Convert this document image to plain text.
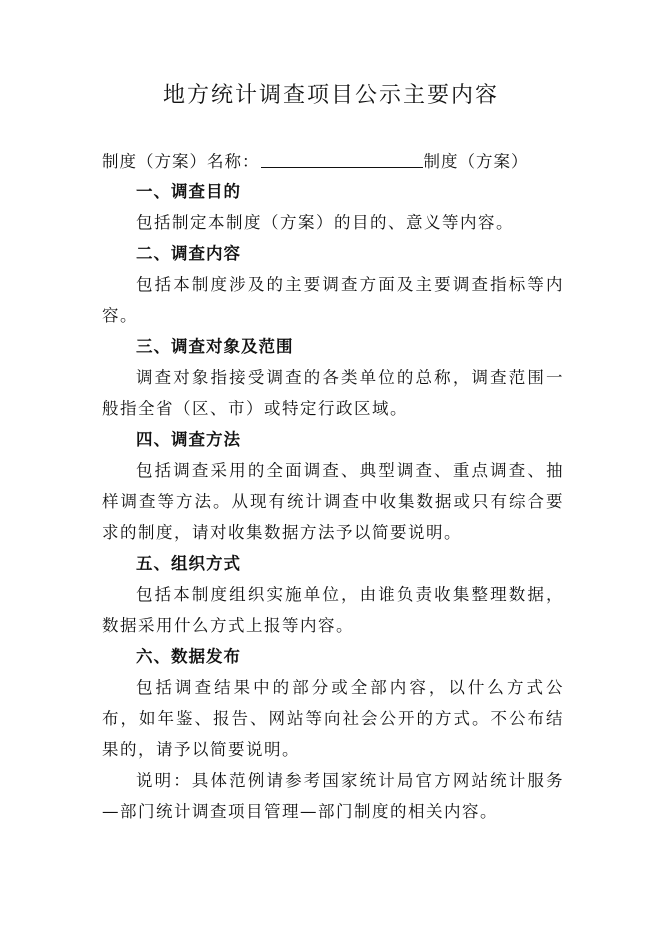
地方统计调查项目公示主要内容
制度（方案）名称：	制度（方案）

一、调查目的

包括制定本制度（方案）的目的、意义等内容。

二、调查内容

包括本制度涉及的主要调查方面及主要调查指标等内容。

三、调查对象及范围

调查对象指接受调查的各类单位的总称，调查范围一般指全省（区、市）或特定行政区域。

四、调查方法

包括调查采用的全面调查、典型调查、重点调查、抽样调查等方法。从现有统计调查中收集数据或只有综合要求的制度，请对收集数据方法予以简要说明。

五、组织方式

包括本制度组织实施单位，由谁负责收集整理数据，数据采用什么方式上报等内容。

六、数据发布

包括调查结果中的部分或全部内容，以什么方式公布，如年鉴、报告、网站等向社会公开的方式。不公布结果的，请予以简要说明。

说明：具体范例请参考国家统计局官方网站统计服务—部门统计调查项目管理—部门制度的相关内容。
